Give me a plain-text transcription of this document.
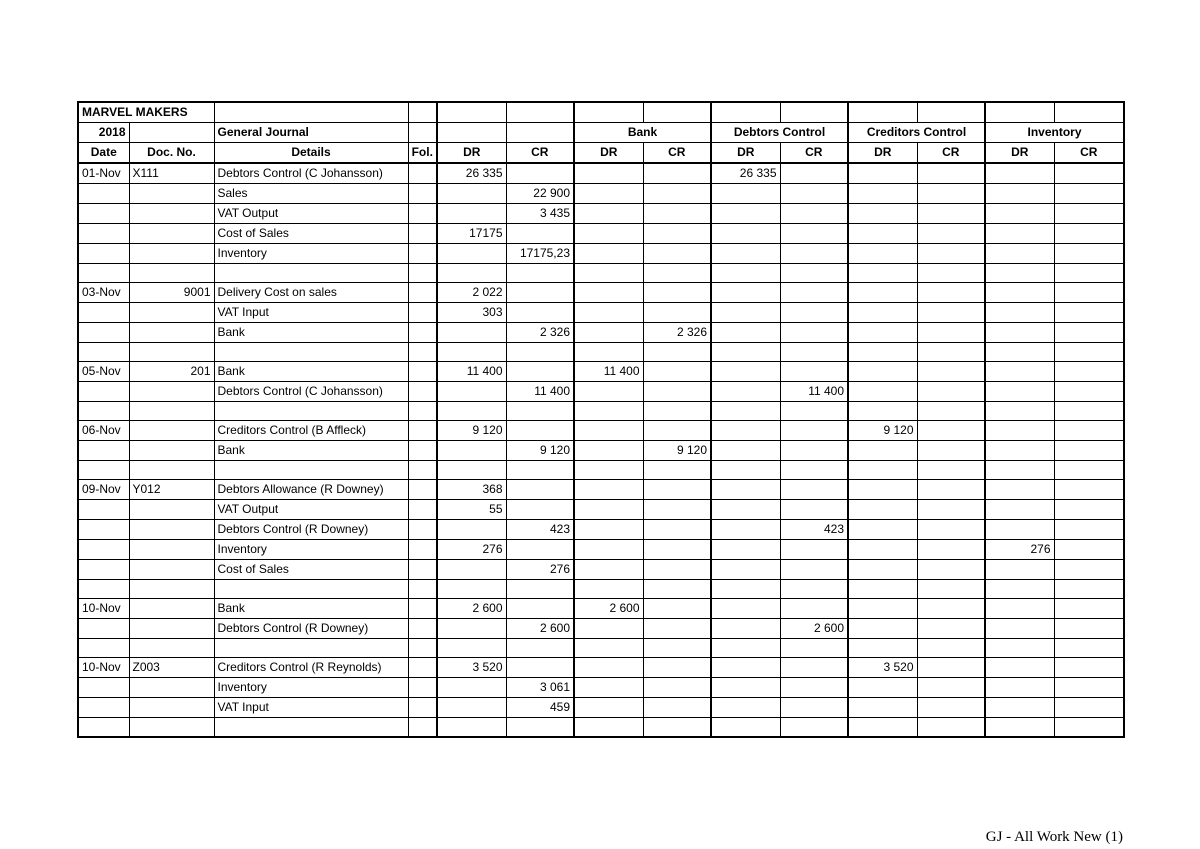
MARVEL MAKERS													
2018		General Journal				Bank		Debtors Control		Creditors Control		Inventory	
Date	Doc. No.	Details	Fol.	DR	CR	DR	CR	DR	CR	DR	CR	DR	CR
01-Nov	X111	Debtors Control (C Johansson)		26 335				26 335					
		Sales			22 900								
		VAT Output			3 435								
		Cost of Sales		17175									
		Inventory			17175,23								

03-Nov	9001	Delivery Cost on sales		2 022									
		VAT Input		303									
		Bank			2 326		2 326						

05-Nov	201	Bank		11 400		11 400							
		Debtors Control (C Johansson)			11 400				11 400				

06-Nov		Creditors Control (B Affleck)		9 120						9 120			
		Bank			9 120		9 120						

09-Nov	Y012	Debtors Allowance (R Downey)		368									
		VAT Output		55									
		Debtors Control (R Downey)			423				423				
		Inventory		276								276	
		Cost of Sales			276								

10-Nov		Bank		2 600		2 600							
		Debtors Control (R Downey)			2 600				2 600				

10-Nov	Z003	Creditors Control (R Reynolds)		3 520						3 520			
		Inventory			3 061								
		VAT Input			459								

GJ - All Work New (1)
